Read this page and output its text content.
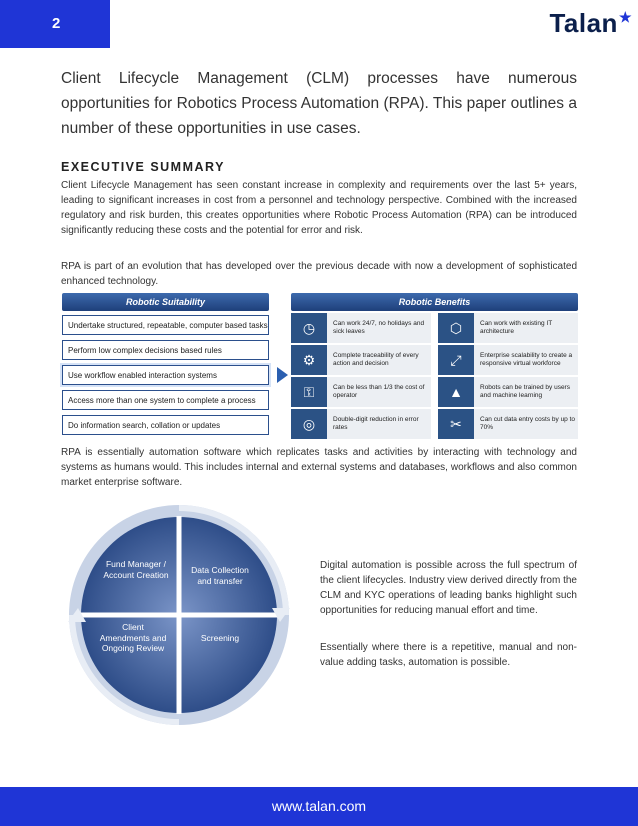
2	Talan★
Client Lifecycle Management (CLM) processes have numerous opportunities for Robotics Process Automation (RPA). This paper outlines a number of these opportunities in use cases.
EXECUTIVE SUMMARY
Client Lifecycle Management has seen constant increase in complexity and requirements over the last 5+ years, leading to significant increases in cost from a personnel and technology perspective. Combined with the increased regulatory and risk burden, this creates opportunities where Robotic Process Automation (RPA) can be introduced significantly reducing these costs and the potential for error and risk.
RPA is part of an evolution that has developed over the previous decade with now a development of sophisticated enhanced technology.
Robotic Suitability
Undertake structured, repeatable, computer based tasks
Perform low complex decisions based rules
Use workflow enabled interaction systems
Access more than one system to complete a process
Do information search, collation or updates
Robotic Benefits
◷	Can work 24/7, no holidays and sick leaves	⬡	Can work with existing IT architecture
⚙	Complete traceability of every action and decision	⤢	Enterprise scalability to create a responsive virtual workforce
⚿	Can be less than 1/3 the cost of operator	▲	Robots can be trained by users and machine learning
◎	Double-digit reduction in error rates	✂	Can cut data entry costs by up to 70%
RPA is essentially automation software which replicates tasks and activities by interacting with technology and systems as humans would. This includes internal and external systems and databases, workflows and also common market enterprise software.
Fund Manager / Account Creation	Data Collection and transfer
Client Amendments and Ongoing Review
Screening
Digital automation is possible across the full spectrum of the client lifecycles. Industry view derived directly from the CLM and KYC operations of leading banks highlight such opportunities for reducing manual effort and time.
Essentially where there is a repetitive, manual and non-value adding tasks, automation is possible.
www.talan.com
